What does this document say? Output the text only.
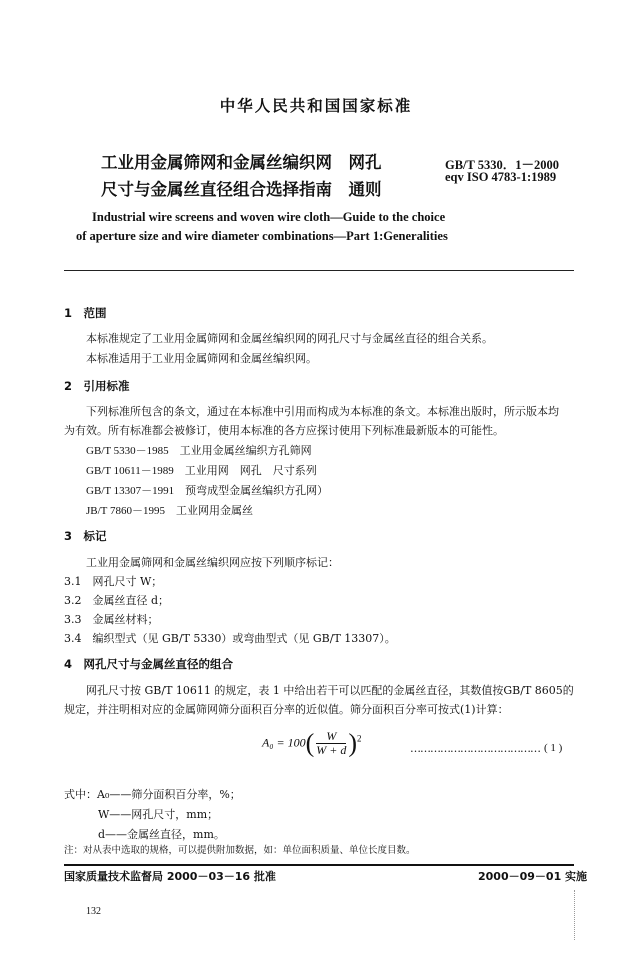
中华人民共和国国家标准
工业用金属筛网和金属丝编织网　网孔
尺寸与金属丝直径组合选择指南　通则
GB/T 5330．1－2000
eqv ISO 4783-1:1989
Industrial wire screens and woven wire cloth—Guide to the choice
of aperture size and wire diameter combinations—Part 1:Generalities
1　范围
本标准规定了工业用金属筛网和金属丝编织网的网孔尺寸与金属丝直径的组合关系。
本标准适用于工业用金属筛网和金属丝编织网。
2　引用标准
下列标准所包含的条文，通过在本标准中引用而构成为本标准的条文。本标准出版时，所示版本均
为有效。所有标准都会被修订，使用本标准的各方应探讨使用下列标准最新版本的可能性。
GB/T 5330－1985　工业用金属丝编织方孔筛网
GB/T 10611－1989　工业用网　网孔　尺寸系列
GB/T 13307－1991　预弯成型金属丝编织方孔网）
JB/T 7860－1995　工业网用金属丝
3　标记
工业用金属筛网和金属丝编织网应按下列顺序标记：
3.1　网孔尺寸 W；
3.2　金属丝直径 d；
3.3　金属丝材料；
3.4　编织型式（见 GB/T 5330）或弯曲型式（见 GB/T 13307）。
4　网孔尺寸与金属丝直径的组合
网孔尺寸按 GB/T 10611 的规定，表 1 中给出若干可以匹配的金属丝直径，其数值按GB/T 8605的
规定，并注明相对应的金属筛网筛分面积百分率的近似值。筛分面积百分率可按式(1)计算：
$A_0 = 100( \frac{W}{W + d} )^2$
………………………………… ( 1 )
式中：A₀——筛分面积百分率，%；
W——网孔尺寸，mm；
d——金属丝直径，mm。
注：对从表中选取的规格，可以提供附加数据，如：单位面积质量、单位长度目数。
国家质量技术监督局 2000－03－16 批准	2000－09－01 实施
132
